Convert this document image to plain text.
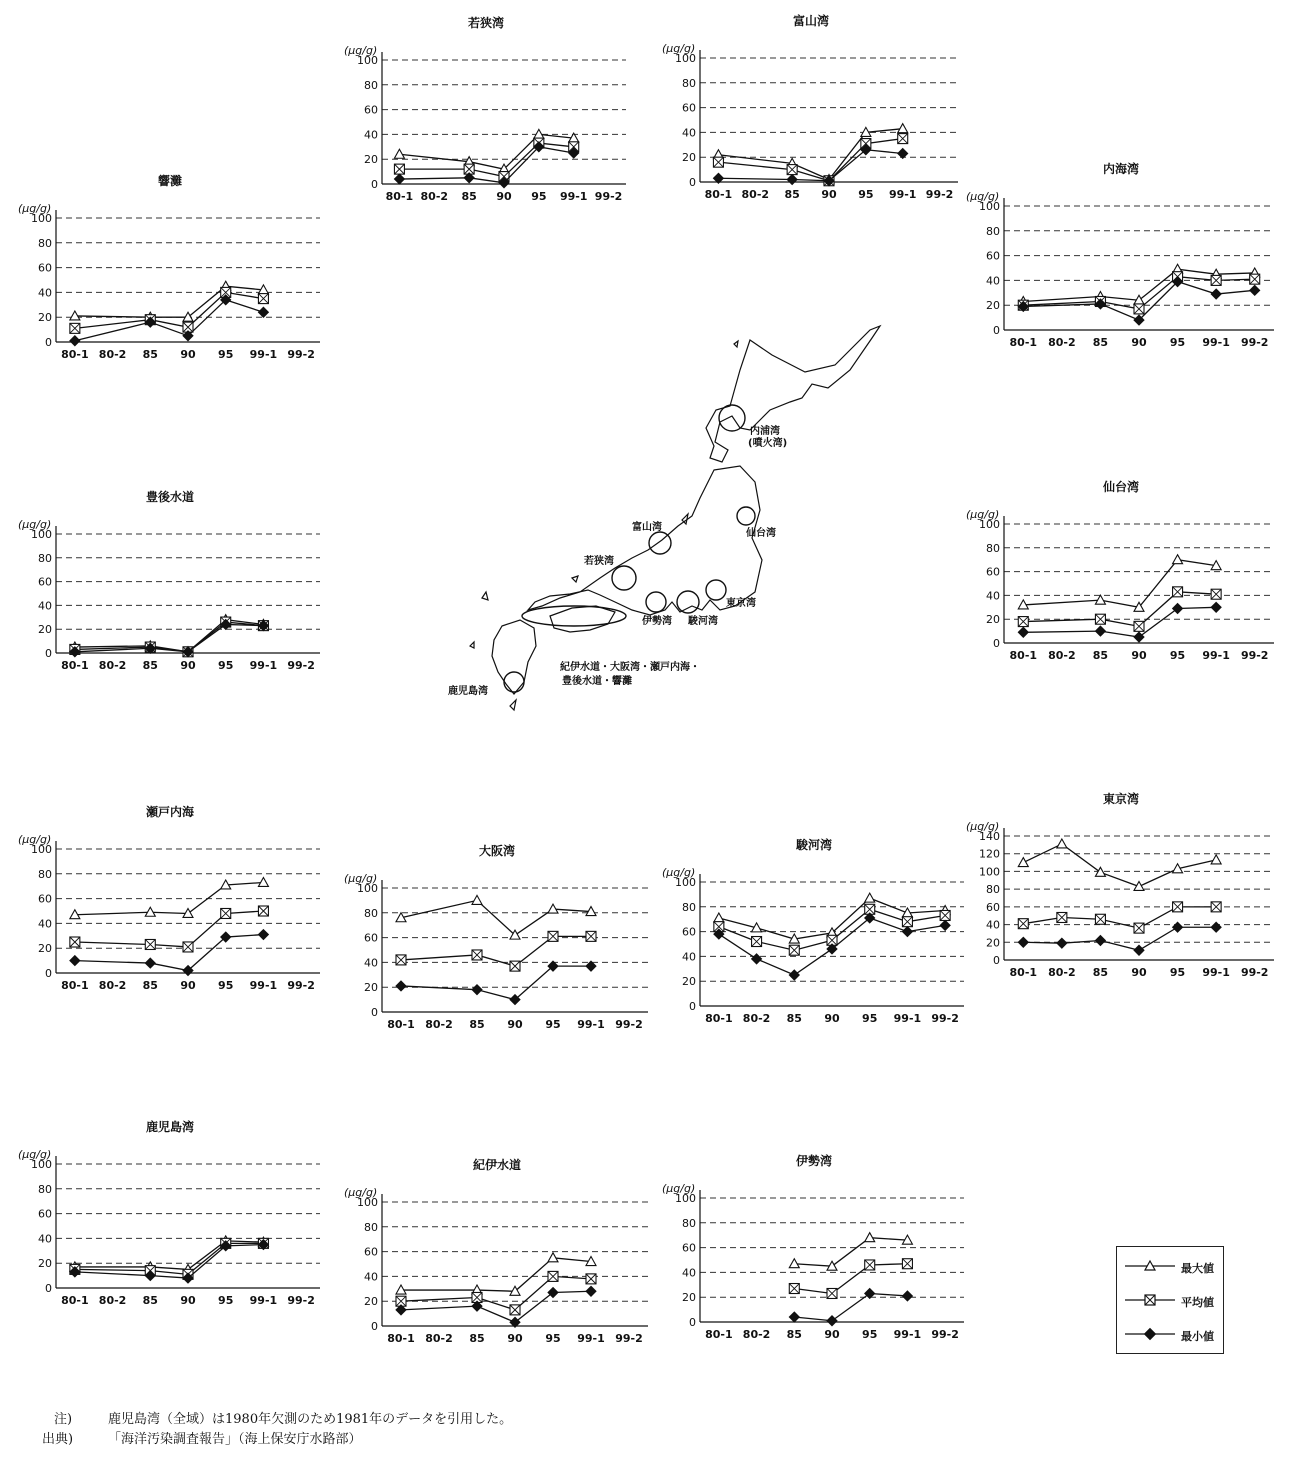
若狭湾
(μg/g)
0
20
40
60
80
100
80-1 80-2 85 90 95 99-1 99-2
富山湾
(μg/g)
0
20
40
60
80
100
80-1 80-2 85 90 95 99-1 99-2
響灘
(μg/g)
0
20
40
60
80
100
80-1 80-2 85 90 95 99-1 99-2
内海湾
(μg/g)
0
20
40
60
80
100
80-1 80-2 85 90 95 99-1 99-2
豊後水道
(μg/g)
0
20
40
60
80
100
80-1 80-2 85 90 95 99-1 99-2
仙台湾
(μg/g)
0
20
40
60
80
100
80-1 80-2 85 90 95 99-1 99-2
瀬戸内海
(μg/g)
0
20
40
60
80
100
80-1 80-2 85 90 95 99-1 99-2
大阪湾
(μg/g)
0
20
40
60
80
100
80-1 80-2 85 90 95 99-1 99-2
駿河湾
(μg/g)
0
20
40
60
80
100
80-1 80-2 85 90 95 99-1 99-2
東京湾
(μg/g)
0
20
40
60
80
100
120
140
80-1 80-2 85 90 95 99-1 99-2
鹿児島湾
(μg/g)
0
20
40
60
80
100
80-1 80-2 85 90 95 99-1 99-2
紀伊水道
(μg/g)
0
20
40
60
80
100
80-1 80-2 85 90 95 99-1 99-2
伊勢湾
(μg/g)
0
20
40
60
80
100
80-1 80-2 85 90 95 99-1 99-2
内浦湾
(噴火湾)
富山湾
仙台湾
若狭湾
東京湾
伊勢湾 駿河湾
紀伊水道・大阪湾・瀬戸内海・
豊後水道・響灘
鹿児島湾
最大値
平均値
最小値
注)	鹿児島湾（全域）は1980年欠測のため1981年のデータを引用した。
出典)	「海洋汚染調査報告」（海上保安庁水路部）
